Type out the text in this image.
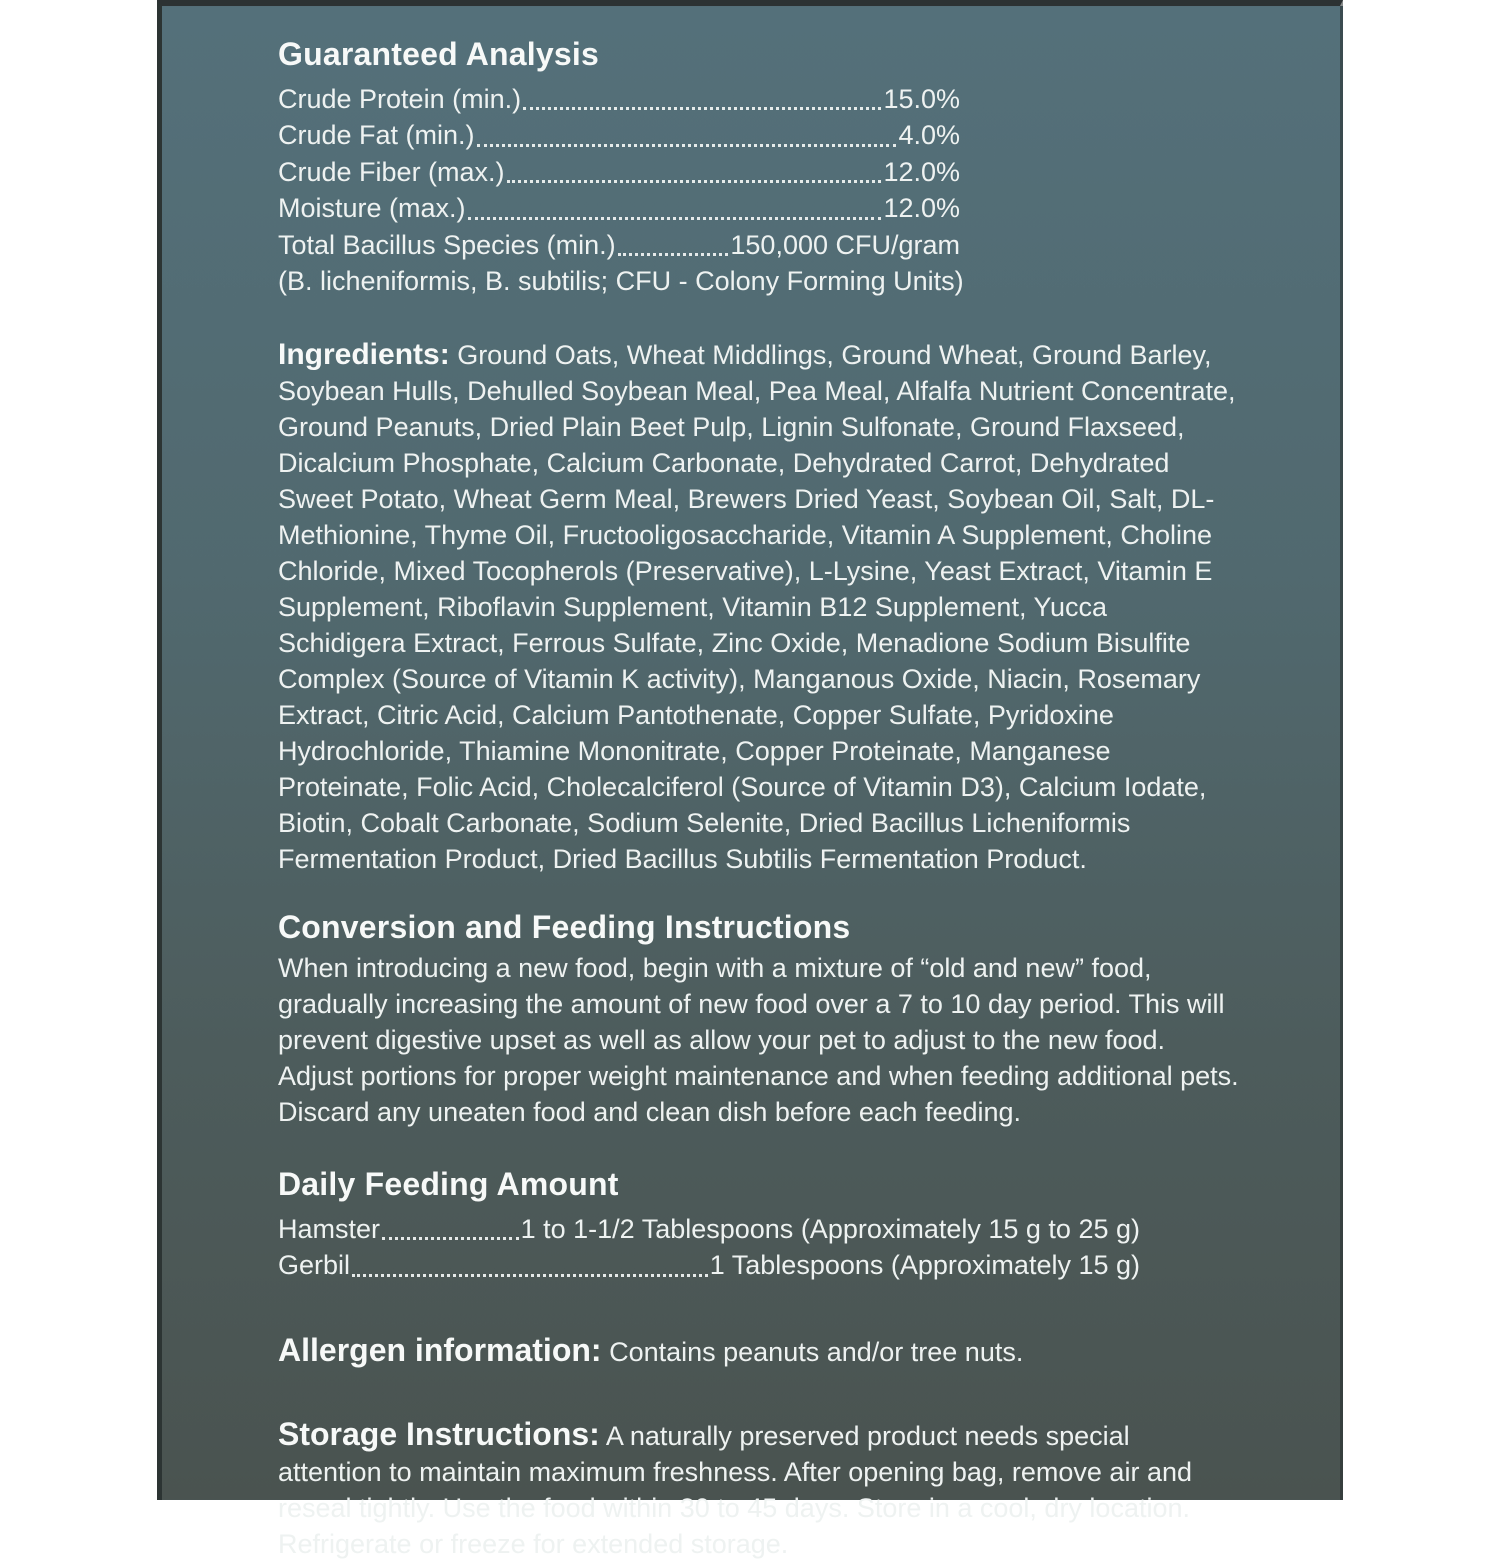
Guaranteed Analysis
Crude Protein (min.)	15.0%
Crude Fat (min.)	4.0%
Crude Fiber (max.)	12.0%
Moisture (max.)	12.0%
Total Bacillus Species (min.)	150,000 CFU/gram
(B. licheniformis, B. subtilis; CFU - Colony Forming Units)

Ingredients: Ground Oats, Wheat Middlings, Ground Wheat, Ground Barley, Soybean Hulls, Dehulled Soybean Meal, Pea Meal, Alfalfa Nutrient Concentrate, Ground Peanuts, Dried Plain Beet Pulp, Lignin Sulfonate, Ground Flaxseed, Dicalcium Phosphate, Calcium Carbonate, Dehydrated Carrot, Dehydrated Sweet Potato, Wheat Germ Meal, Brewers Dried Yeast, Soybean Oil, Salt, DL-Methionine, Thyme Oil, Fructooligosaccharide, Vitamin A Supplement, Choline Chloride, Mixed Tocopherols (Preservative), L-Lysine, Yeast Extract, Vitamin E Supplement, Riboflavin Supplement, Vitamin B12 Supplement, Yucca Schidigera Extract, Ferrous Sulfate, Zinc Oxide, Menadione Sodium Bisulfite Complex (Source of Vitamin K activity), Manganous Oxide, Niacin, Rosemary Extract, Citric Acid, Calcium Pantothenate, Copper Sulfate, Pyridoxine Hydrochloride, Thiamine Mononitrate, Copper Proteinate, Manganese Proteinate, Folic Acid, Cholecalciferol (Source of Vitamin D3), Calcium Iodate, Biotin, Cobalt Carbonate, Sodium Selenite, Dried Bacillus Licheniformis Fermentation Product, Dried Bacillus Subtilis Fermentation Product.

Conversion and Feeding Instructions

When introducing a new food, begin with a mixture of “old and new” food, gradually increasing the amount of new food over a 7 to 10 day period. This will prevent digestive upset as well as allow your pet to adjust to the new food. Adjust portions for proper weight maintenance and when feeding additional pets. Discard any uneaten food and clean dish before each feeding.

Daily Feeding Amount
Hamster	1 to 1-1/2 Tablespoons (Approximately 15 g to 25 g)
Gerbil	1 Tablespoons (Approximately 15 g)

Allergen information: Contains peanuts and/or tree nuts.

Storage Instructions: A naturally preserved product needs special attention to maintain maximum freshness. After opening bag, remove air and reseal tightly. Use the food within 30 to 45 days. Store in a cool, dry location. Refrigerate or freeze for extended storage.
